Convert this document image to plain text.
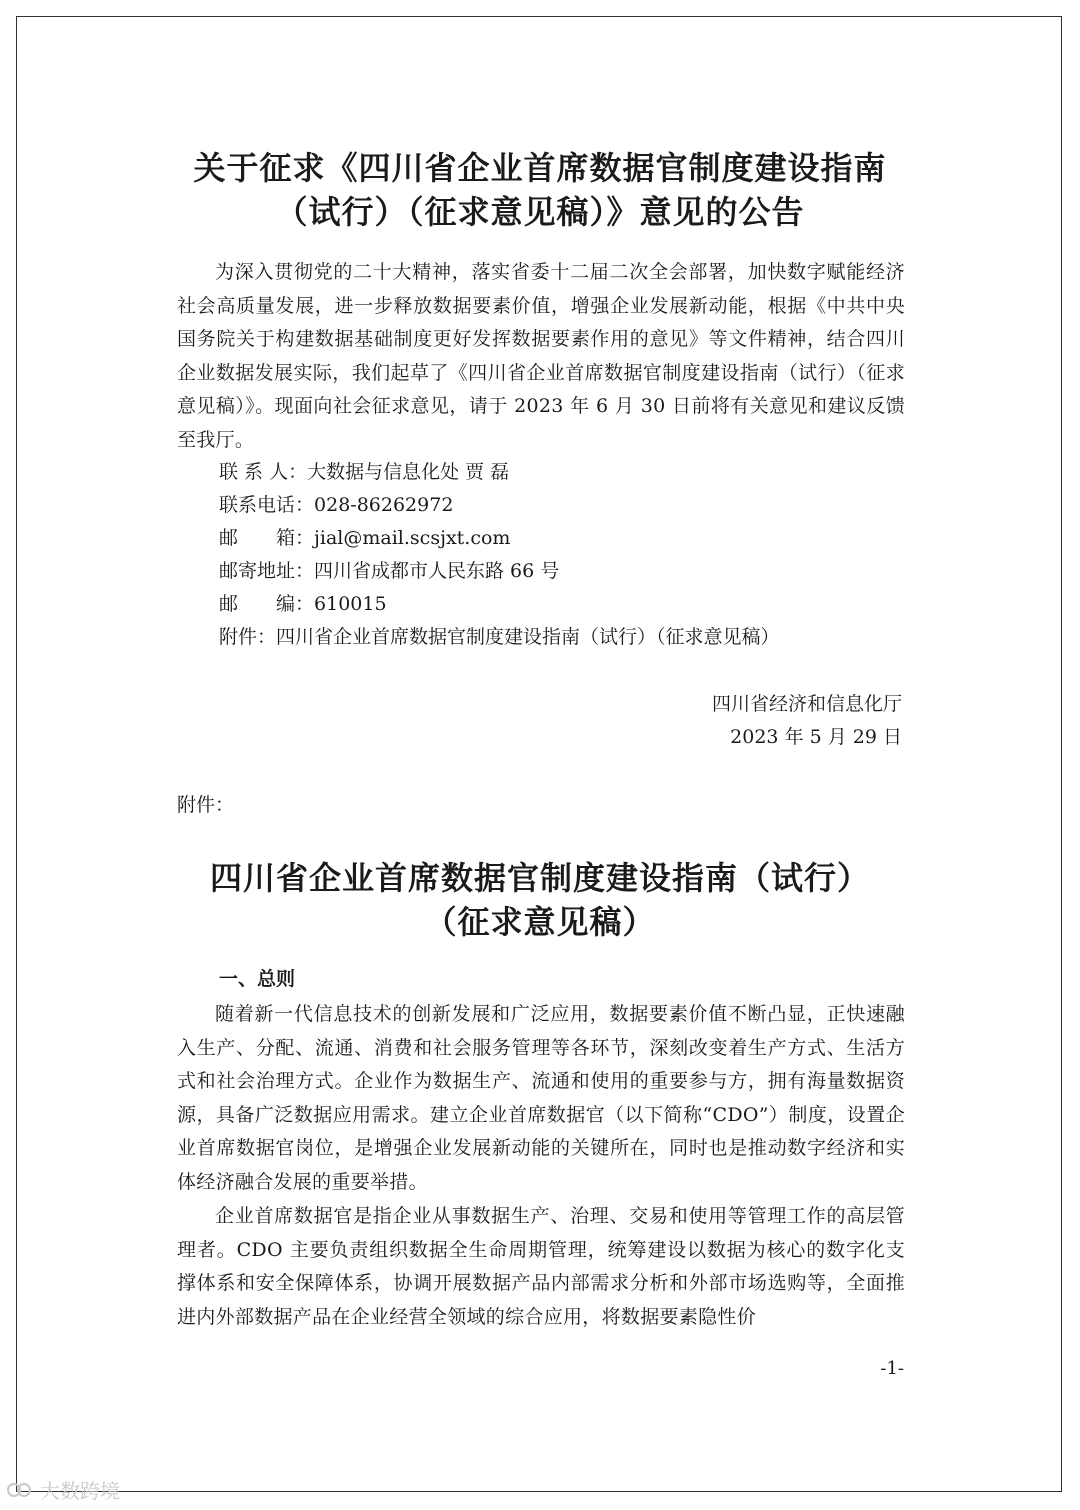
关于征求《四川省企业首席数据官制度建设指南
（试行）（征求意见稿）》意见的公告
为深入贯彻党的二十大精神，落实省委十二届二次全会部署，加快数字赋能经济社会高质量发展，进一步释放数据要素价值，增强企业发展新动能，根据《中共中央 国务院关于构建数据基础制度更好发挥数据要素作用的意见》等文件精神，结合四川企业数据发展实际，我们起草了《四川省企业首席数据官制度建设指南（试行）（征求意见稿）》。现面向社会征求意见，请于 2023 年 6 月 30 日前将有关意见和建议反馈至我厅。
联 系 人：大数据与信息化处 贾 磊
联系电话：028-86262972
邮　　箱：jial@mail.scsjxt.com
邮寄地址：四川省成都市人民东路 66 号
邮　　编：610015
附件：四川省企业首席数据官制度建设指南（试行）（征求意见稿）
四川省经济和信息化厅
2023 年 5 月 29 日
附件：
四川省企业首席数据官制度建设指南（试行）
（征求意见稿）
一、总则
随着新一代信息技术的创新发展和广泛应用，数据要素价值不断凸显，正快速融入生产、分配、流通、消费和社会服务管理等各环节，深刻改变着生产方式、生活方式和社会治理方式。企业作为数据生产、流通和使用的重要参与方，拥有海量数据资源，具备广泛数据应用需求。建立企业首席数据官（以下简称“CDO”）制度，设置企业首席数据官岗位，是增强企业发展新动能的关键所在，同时也是推动数字经济和实体经济融合发展的重要举措。
企业首席数据官是指企业从事数据生产、治理、交易和使用等管理工作的高层管理者。CDO 主要负责组织数据全生命周期管理，统筹建设以数据为核心的数字化支撑体系和安全保障体系，协调开展数据产品内部需求分析和外部市场选购等，全面推进内外部数据产品在企业经营全领域的综合应用，将数据要素隐性价
-1-
大数跨境
